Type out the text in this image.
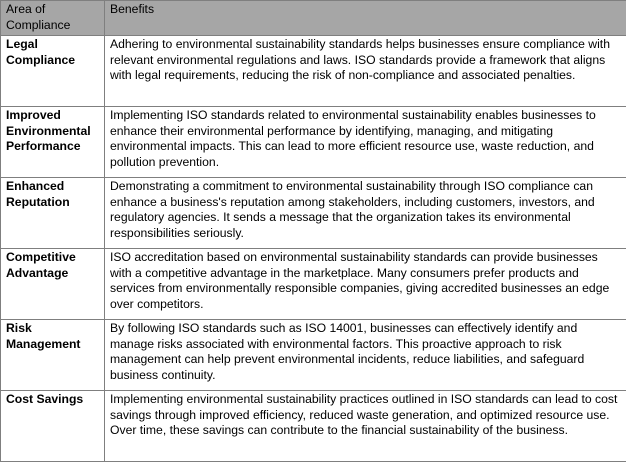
Area of Compliance	Benefits
Legal Compliance	Adhering to environmental sustainability standards helps businesses ensure compliance with relevant environmental regulations and laws. ISO standards provide a framework that aligns with legal requirements, reducing the risk of non-compliance and associated penalties.
Improved Environmental Performance	Implementing ISO standards related to environmental sustainability enables businesses to enhance their environmental performance by identifying, managing, and mitigating environmental impacts. This can lead to more efficient resource use, waste reduction, and pollution prevention.
Enhanced Reputation	Demonstrating a commitment to environmental sustainability through ISO compliance can enhance a business's reputation among stakeholders, including customers, investors, and regulatory agencies. It sends a message that the organization takes its environmental responsibilities seriously.
Competitive Advantage	ISO accreditation based on environmental sustainability standards can provide businesses with a competitive advantage in the marketplace. Many consumers prefer products and services from environmentally responsible companies, giving accredited businesses an edge over competitors.
Risk Management	By following ISO standards such as ISO 14001, businesses can effectively identify and manage risks associated with environmental factors. This proactive approach to risk management can help prevent environmental incidents, reduce liabilities, and safeguard business continuity.
Cost Savings	Implementing environmental sustainability practices outlined in ISO standards can lead to cost savings through improved efficiency, reduced waste generation, and optimized resource use. Over time, these savings can contribute to the financial sustainability of the business.
